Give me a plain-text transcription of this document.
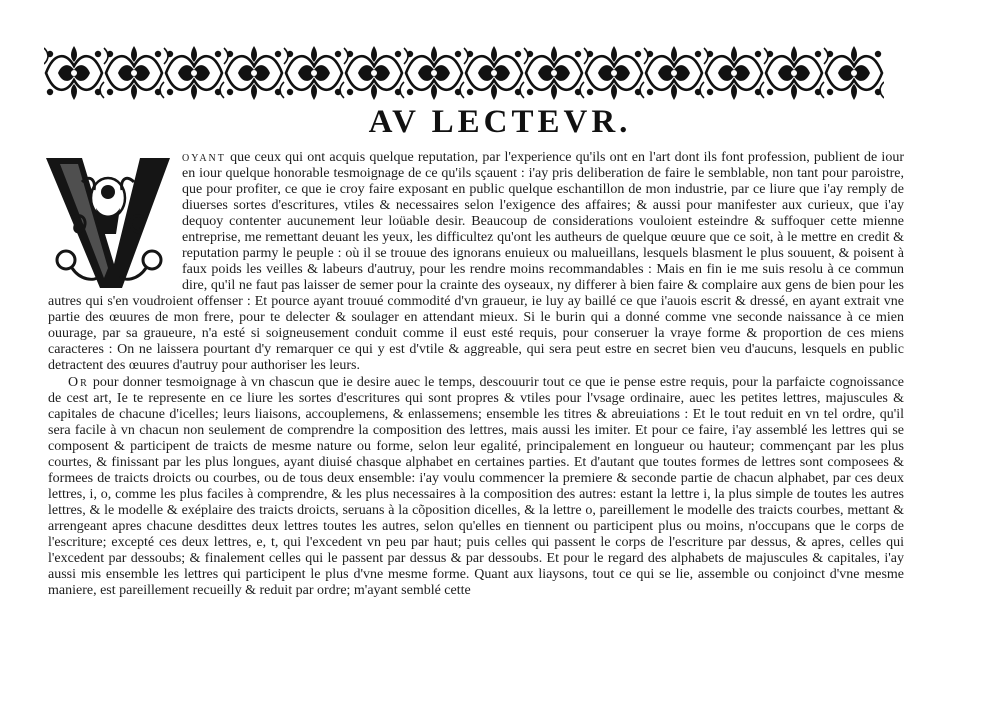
AV LECTEVR.

oyant que ceux qui ont acquis quelque reputation, par l'experience qu'ils ont en l'art dont ils font profession, publient de iour en iour quelque honorable tesmoignage de ce qu'ils sçauent : i'ay pris deliberation de faire le semblable, non tant pour paroistre, que pour profiter, ce que ie croy faire exposant en public quelque eschantillon de mon industrie, par ce liure que i'ay remply de diuerses sortes d'escritures, vtiles & necessaires selon l'exigence des affaires; & aussi pour manifester aux curieux, que i'ay dequoy contenter aucunement leur loüable desir. Beaucoup de considerations vouloient esteindre & suffoquer cette mienne entreprise, me remettant deuant les yeux, les difficultez qu'ont les autheurs de quelque œuure que ce soit, à le mettre en credit & reputation parmy le peuple : où il se trouue des ignorans enuieux ou malueillans, lesquels blasment le plus souuent, & poisent à faux poids les veilles & labeurs d'autruy, pour les rendre moins recommandables : Mais en fin ie me suis resolu à ce commun dire, qu'il ne faut pas laisser de semer pour la crainte des oyseaux, ny differer à bien faire & complaire aux gens de bien pour les autres qui s'en voudroient offenser : Et pource ayant trouué commodité d'vn graueur, ie luy ay baillé ce que i'auois escrit & dressé, en ayant extrait vne partie des œuures de mon frere, pour te delecter & soulager en attendant mieux. Si le burin qui a donné comme vne seconde naissance à ce mien ouurage, par sa graueure, n'a esté si soigneusement conduit comme il eust esté requis, pour conseruer la vraye forme & proportion de ces miens caracteres : On ne laissera pourtant d'y remarquer ce qui y est d'vtile & aggreable, qui sera peut estre en secret bien veu d'aucuns, lesquels en public detractent des œuures d'autruy pour authoriser les leurs.

Or pour donner tesmoignage à vn chascun que ie desire auec le temps, descouurir tout ce que ie pense estre requis, pour la parfaicte cognoissance de cest art, Ie te represente en ce liure les sortes d'escritures qui sont propres & vtiles pour l'vsage ordinaire, auec les petites lettres, majuscules & capitales de chacune d'icelles; leurs liaisons, accouplemens, & enlassemens; ensemble les titres & abreuiations : Et le tout reduit en vn tel ordre, qu'il sera facile à vn chacun non seulement de comprendre la composition des lettres, mais aussi les imiter. Et pour ce faire, i'ay assemblé les lettres qui se composent & participent de traicts de mesme nature ou forme, selon leur egalité, principalement en longueur ou hauteur; commençant par les plus courtes, & finissant par les plus longues, ayant diuisé chasque alphabet en certaines parties. Et d'autant que toutes formes de lettres sont composees & formees de traicts droicts ou courbes, ou de tous deux ensemble: i'ay voulu commencer la premiere & seconde partie de chacun alphabet, par ces deux lettres, i, o, comme les plus faciles à comprendre, & les plus necessaires à la composition des autres: estant la lettre i, la plus simple de toutes les autres lettres, & le modelle & exéplaire des traicts droicts, seruans à la cõposition dicelles, & la lettre o, pareillement le modelle des traicts courbes, mettant & arrengeant apres chacune desdittes deux lettres toutes les autres, selon qu'elles en tiennent ou participent plus ou moins, n'occupans que le corps de l'escriture; excepté ces deux lettres, e, t, qui l'excedent vn peu par haut; puis celles qui passent le corps de l'escriture par dessus, & apres, celles qui l'excedent par dessoubs; & finalement celles qui le passent par dessus & par dessoubs. Et pour le regard des alphabets de majuscules & capitales, i'ay aussi mis ensemble les lettres qui participent le plus d'vne mesme forme. Quant aux liaysons, tout ce qui se lie, assemble ou conjoinct d'vne mesme maniere, est pareillement recueilly & reduit par ordre; m'ayant semblé cette
